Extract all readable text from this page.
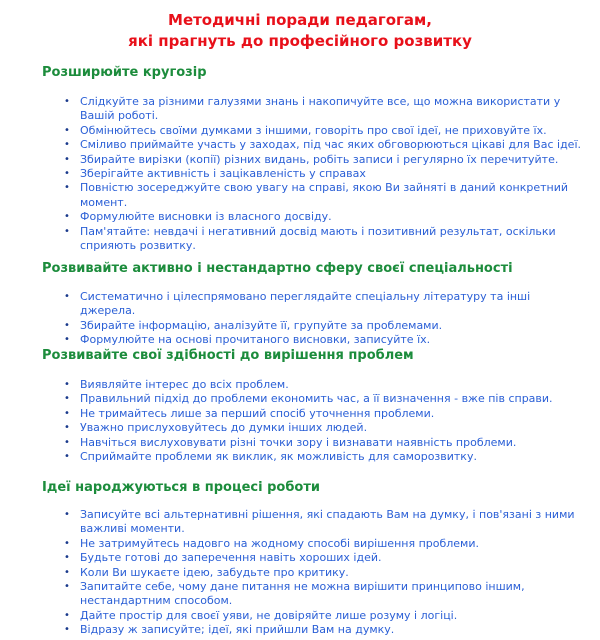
Методичні поради педагогам,
які прагнуть до професійного розвитку
Розширюйте кругозір
• Слідкуйте за різними галузями знань і накопичуйте все, що можна використати у Вашій роботі.
• Обмінюйтесь своїми думками з іншими, говоріть про свої ідеї, не приховуйте їх.
• Сміливо приймайте участь у заходах, під час яких обговорюються цікаві для Вас ідеї.
• Збирайте вирізки (копії) різних видань, робіть записи і регулярно їх перечитуйте.
• Зберігайте активність і зацікавленість у справах
• Повністю зосереджуйте свою увагу на справі, якою Ви зайняті в даний конкретний момент.
• Формулюйте висновки із власного досвіду.
• Пам'ятайте: невдачі і негативний досвід мають і позитивний результат, оскільки сприяють розвитку.
Розвивайте активно і нестандартно сферу своєї спеціальності
• Систематично і цілеспрямовано переглядайте спеціальну літературу та інші джерела.
• Збирайте інформацію, аналізуйте її, групуйте за проблемами.
• Формулюйте на основі прочитаного висновки, записуйте їх.
Розвивайте свої здібності до вирішення проблем
• Виявляйте інтерес до всіх проблем.
• Правильний підхід до проблеми економить час, а її визначення - вже пів справи.
• Не тримайтесь лише за перший спосіб уточнення проблеми.
• Уважно прислуховуйтесь до думки інших людей.
• Навчіться вислуховувати різні точки зору і визнавати наявність проблеми.
• Сприймайте проблеми як виклик, як можливість для саморозвитку.
Ідеї народжуються в процесі роботи
• Записуйте всі альтернативні рішення, які спадають Вам на думку, і пов'язані з ними важливі моменти.
• Не затримуйтесь надовго на жодному способі вирішення проблеми.
• Будьте готові до заперечення навіть хороших ідей.
• Коли Ви шукаєте ідею, забудьте про критику.
• Запитайте себе, чому дане питання не можна вирішити принципово іншим, нестандартним способом.
• Дайте простір для своєї уяви, не довіряйте лише розуму і логіці.
• Відразу ж записуйте; ідеї, які прийшли Вам на думку.
